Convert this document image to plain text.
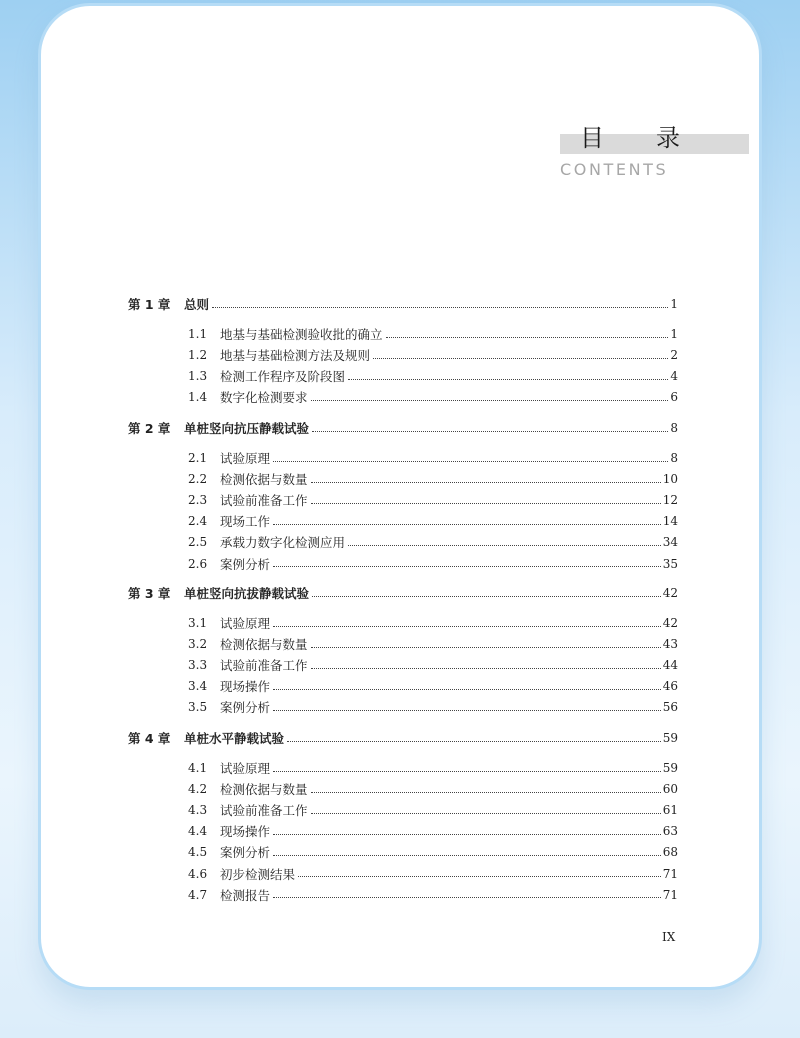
目 录
CONTENTS
第 1 章	总则	1
1.1	地基与基础检测验收批的确立	1
1.2	地基与基础检测方法及规则	2
1.3	检测工作程序及阶段图	4
1.4	数字化检测要求	6
第 2 章	单桩竖向抗压静载试验	8
2.1	试验原理	8
2.2	检测依据与数量	10
2.3	试验前准备工作	12
2.4	现场工作	14
2.5	承载力数字化检测应用	34
2.6	案例分析	35
第 3 章	单桩竖向抗拔静载试验	42
3.1	试验原理	42
3.2	检测依据与数量	43
3.3	试验前准备工作	44
3.4	现场操作	46
3.5	案例分析	56
第 4 章	单桩水平静载试验	59
4.1	试验原理	59
4.2	检测依据与数量	60
4.3	试验前准备工作	61
4.4	现场操作	63
4.5	案例分析	68
4.6	初步检测结果	71
4.7	检测报告	71
IX
